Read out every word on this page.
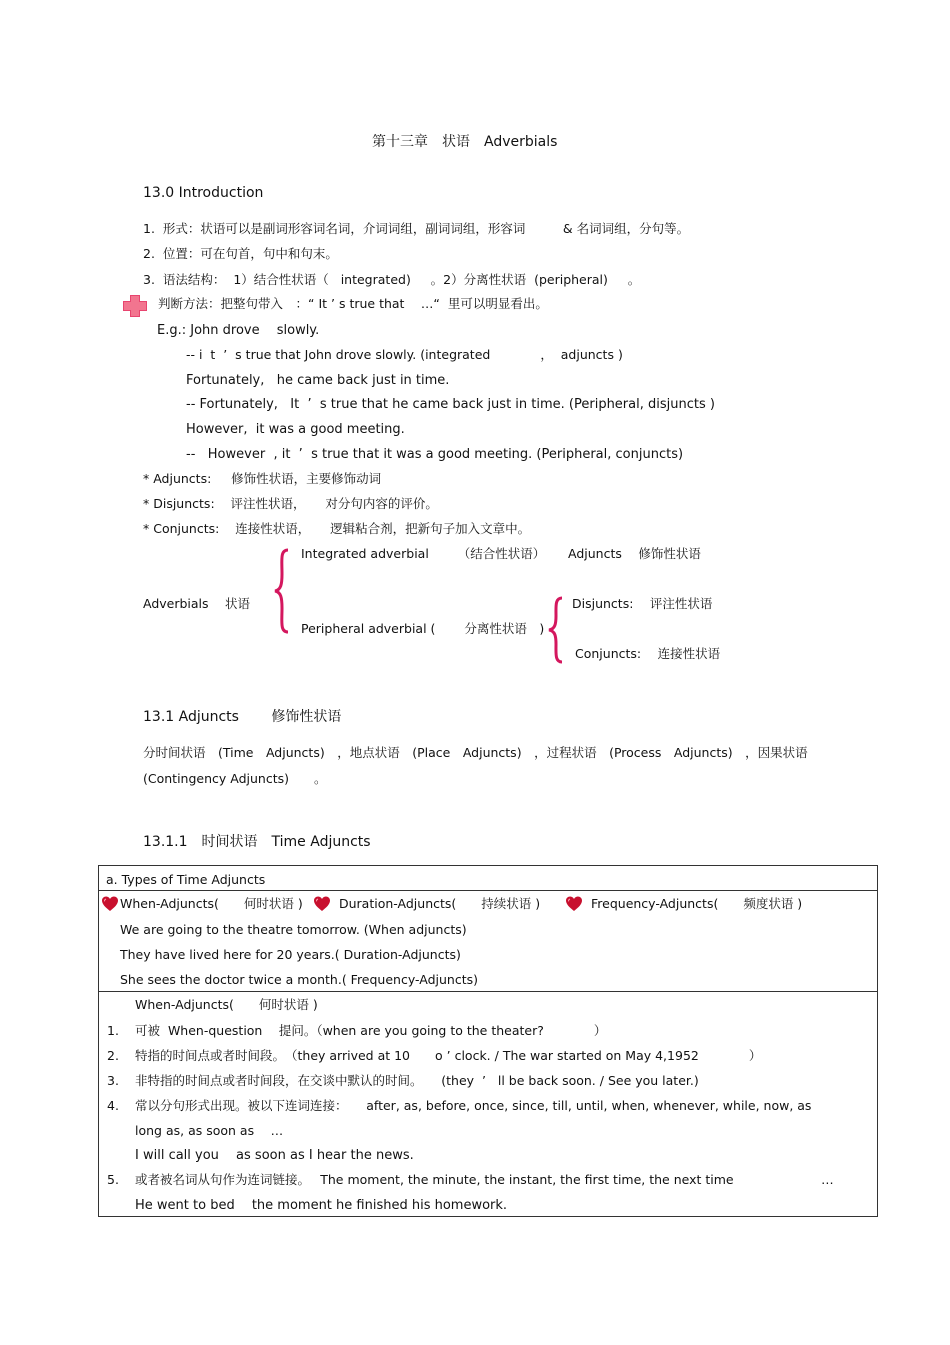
第十三章　状语　Adverbials
13.0 Introduction
1.  形式：状语可以是副词形容词名词，介词词组，副词词组，形容词　　　& 名词词组，分句等。
2.  位置：可在句首，句中和句末。
3.  语法结构：  1）结合性状语（   integrated)     。2）分离性状语  (peripheral)     。
判断方法：把整句带入　：“ It ’ s true that　 …“  里可以明显看出。
E.g.: John drove　 slowly.
-- i  t  ’  s true that John drove slowly. (integrated　　　　，  adjuncts )
Fortunately,   he came back just in time.
-- Fortunately,   It  ’  s true that he came back just in time. (Peripheral, disjuncts )
However,  it was a good meeting.
--   However  , it  ’  s true that it was a good meeting. (Peripheral, conjuncts)
* Adjuncts:     修饰性状语，主要修饰动词
* Disjuncts:    评注性状语，     对分句内容的评价。
* Conjuncts:    连接性状语，     逻辑粘合剂，把新句子加入文章中。
Integrated adverbial　　 （结合性状语）　　 Adjuncts　 修饰性状语
Adverbials　 状语
Peripheral adverbial (　　 分离性状语　)
Disjuncts:　 评注性状语
Conjuncts:　 连接性状语
13.1 Adjuncts　　 修饰性状语
分时间状语　(Time　Adjuncts)　，地点状语　(Place　Adjuncts)　，过程状语　(Process　Adjuncts)　，因果状语
(Contingency Adjuncts)　　。
13.1.1　时间状语　Time Adjuncts
a. Types of Time Adjuncts
When-Adjuncts(　　何时状语 )	Duration-Adjuncts(　　持续状语 )	Frequency-Adjuncts(　　频度状语 )
We are going to the theatre tomorrow. (When adjuncts)
They have lived here for 20 years.( Duration-Adjuncts)
She sees the doctor twice a month.( Frequency-Adjuncts)
When-Adjuncts(　　何时状语 )
1. 可被  When-question　 提问。（when are you going to the theater?　　　　）
2. 特指的时间点或者时间段。　（they arrived at 10　　o ’ clock. / The war started on May 4,1952　　　　）
3. 非特指的时间点或者时间段，在交谈中默认的时间。　　(they  ’   ll be back soon. / See you later.)
4. 常以分句形式出现。被以下连词连接：　　after, as, before, once, since, till, until, when, whenever, while, now, as
long as, as soon as　 …
I will call you　 as soon as I hear the news.
5. 或者被名词从句作为连词链接。　 The moment, the minute, the instant, the first time, the next time　　　　　　　…
He went to bed　 the moment he finished his homework.
